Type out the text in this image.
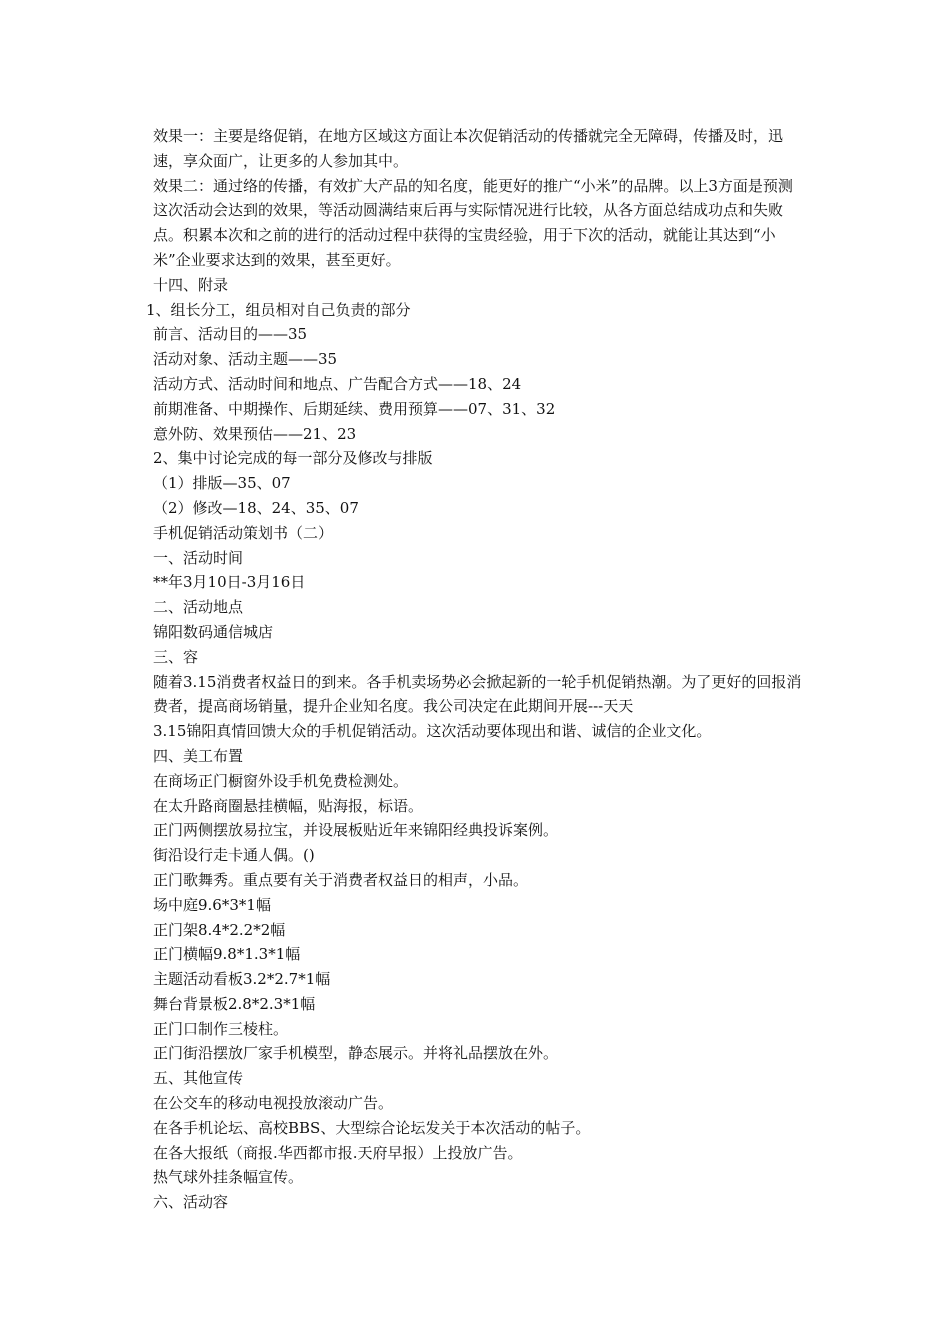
效果一：主要是络促销，在地方区域这方面让本次促销活动的传播就完全无障碍，传播及时，迅速，享众面广，让更多的人参加其中。

效果二：通过络的传播，有效扩大产品的知名度，能更好的推广“小米”的品牌。以上3方面是预测这次活动会达到的效果，等活动圆满结束后再与实际情况进行比较，从各方面总结成功点和失败点。积累本次和之前的进行的活动过程中获得的宝贵经验，用于下次的活动，就能让其达到“小米”企业要求达到的效果，甚至更好。

十四、附录

1、组长分工，组员相对自己负责的部分

前言、活动目的——35

活动对象、活动主题——35

活动方式、活动时间和地点、广告配合方式——18、24

前期准备、中期操作、后期延续、费用预算——07、31、32

意外防、效果预估——21、23

2、集中讨论完成的每一部分及修改与排版

（1）排版—35、07

（2）修改—18、24、35、07

手机促销活动策划书（二）

一、活动时间

**年3月10日-3月16日

二、活动地点

锦阳数码通信城店

三、容

随着3.15消费者权益日的到来。各手机卖场势必会掀起新的一轮手机促销热潮。为了更好的回报消费者，提高商场销量，提升企业知名度。我公司决定在此期间开展---天天

3.15锦阳真情回馈大众的手机促销活动。这次活动要体现出和谐、诚信的企业文化。

四、美工布置

在商场正门橱窗外设手机免费检测处。

在太升路商圈悬挂横幅，贴海报，标语。

正门两侧摆放易拉宝，并设展板贴近年来锦阳经典投诉案例。

街沿设行走卡通人偶。()

正门歌舞秀。重点要有关于消费者权益日的相声，小品。

场中庭9.6*3*1幅

正门架8.4*2.2*2幅

正门横幅9.8*1.3*1幅

主题活动看板3.2*2.7*1幅

舞台背景板2.8*2.3*1幅

正门口制作三棱柱。

正门街沿摆放厂家手机模型，静态展示。并将礼品摆放在外。

五、其他宣传

在公交车的移动电视投放滚动广告。

在各手机论坛、高校BBS、大型综合论坛发关于本次活动的帖子。

在各大报纸（商报.华西都市报.天府早报）上投放广告。

热气球外挂条幅宣传。

六、活动容
